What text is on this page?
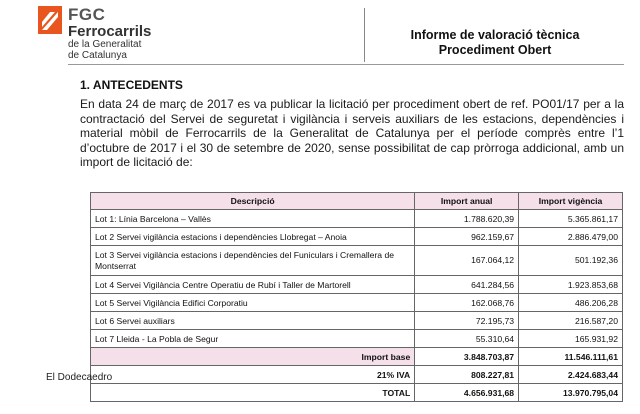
FGC
Ferrocarrils
de la Generalitat
de Catalunya
Informe de valoració tècnica
Procediment Obert
1. ANTECEDENTS
En data 24 de març de 2017 es va publicar la licitació per procediment obert de ref. PO01/17 per a la contractació del Servei de seguretat i vigilància i serveis auxiliars de les estacions, dependències i material mòbil de Ferrocarrils de la Generalitat de Catalunya per el període comprès entre l’1 d’octubre de 2017 i el 30 de setembre de 2020, sense possibilitat de cap pròrroga addicional, amb un import de licitació de:
Descripció	Import anual	Import vigència
Lot 1: Línia Barcelona – Vallès	1.788.620,39	5.365.861,17
Lot 2 Servei vigilància estacions i dependències Llobregat – Anoia	962.159,67	2.886.479,00
Lot 3 Servei vigilància estacions i dependències del Funiculars i Cremallera de Montserrat	167.064,12	501.192,36
Lot 4 Servei Vigilància Centre Operatiu de Rubí i Taller de Martorell	641.284,56	1.923.853,68
Lot 5 Servei Vigilància Edifici Corporatiu	162.068,76	486.206,28
Lot 6 Servei auxiliars	72.195,73	216.587,20
Lot 7 Lleida - La Pobla de Segur	55.310,64	165.931,92
Import base	3.848.703,87	11.546.111,61
21% IVA	808.227,81	2.424.683,44
TOTAL	4.656.931,68	13.970.795,04
El Dodecaedro
